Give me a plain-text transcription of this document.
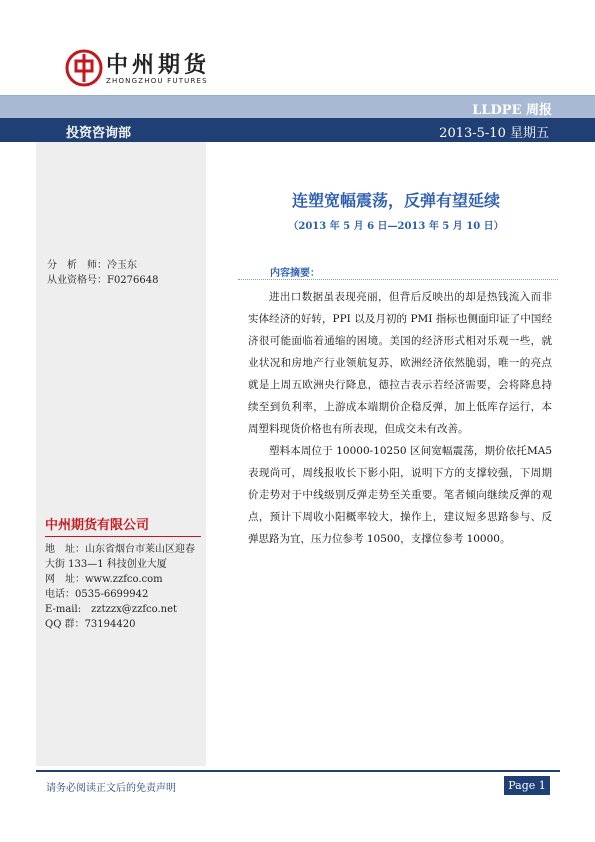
中州期货
ZHONGZHOU FUTURES
LLDPE 周报
投资咨询部	2013-5-10 星期五
连塑宽幅震荡，反弹有望延续
（2013 年 5 月 6 日—2013 年 5 月 10 日）
分　析　师：冷玉东
从业资格号：F0276648
内容摘要：

进出口数据虽表现亮丽，但背后反映出的却是热钱流入而非实体经济的好转，PPI 以及月初的 PMI 指标也侧面印证了中国经济很可能面临着通缩的困境。美国的经济形式相对乐观一些，就业状况和房地产行业领航复苏，欧洲经济依然脆弱，唯一的亮点就是上周五欧洲央行降息，德拉吉表示若经济需要，会将降息持续至到负利率，上游成本端期价企稳反弹，加上低库存运行，本周塑料现货价格也有所表现，但成交未有改善。

塑料本周位于 10000-10250 区间宽幅震荡，期价依托MA5 表现尚可，周线报收长下影小阳，说明下方的支撑较强，下周期价走势对于中线级别反弹走势至关重要。笔者倾向继续反弹的观点，预计下周收小阳概率较大，操作上，建议短多思路参与、反弹思路为宜，压力位参考 10500，支撑位参考 10000。

中州期货有限公司
地　址：山东省烟台市莱山区迎春大街 133—1 科技创业大厦
网　址：www.zzfco.com
电话：0535-6699942
E-mail:　zztzzx@zzfco.net
QQ 群：73194420
请务必阅读正文后的免责声明	Page 1
